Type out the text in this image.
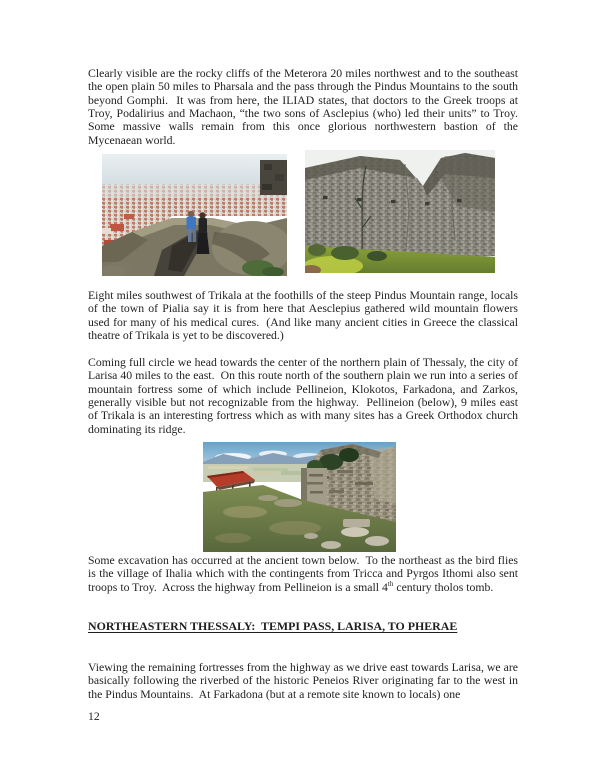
Clearly visible are the rocky cliffs of the Meterora 20 miles northwest and to the southeast the open plain 50 miles to Pharsala and the pass through the Pindus Mountains to the south beyond Gomphi.  It was from here, the ILIAD states, that doctors to the Greek troops at Troy, Podalirius and Machaon, “the two sons of Asclepius (who) led their units” to Troy.  Some massive walls remain from this once glorious northwestern bastion of the Mycenaean world.

Eight miles southwest of Trikala at the foothills of the steep Pindus Mountain range, locals of the town of Pialia say it is from here that Aesclepius gathered wild mountain flowers used for many of his medical cures.  (And like many ancient cities in Greece the classical theatre of Trikala is yet to be discovered.)

Coming full circle we head towards the center of the northern plain of Thessaly, the city of Larisa 40 miles to the east.  On this route north of the southern plain we run into a series of mountain fortress some of which include Pellineion, Klokotos, Farkadona, and Zarkos, generally visible but not recognizable from the highway.  Pellineion (below), 9 miles east of Trikala is an interesting fortress which as with many sites has a Greek Orthodox church dominating its ridge.

Some excavation has occurred at the ancient town below.  To the northeast as the bird flies is the village of Ihalia which with the contingents from Tricca and Pyrgos Ithomi also sent troops to Troy.  Across the highway from Pellineion is a small 4th century tholos tomb.

NORTHEASTERN THESSALY:  TEMPI PASS, LARISA, TO PHERAE

Viewing the remaining fortresses from the highway as we drive east towards Larisa, we are basically following the riverbed of the historic Peneios River originating far to the west in the Pindus Mountains.  At Farkadona (but at a remote site known to locals) one

12
